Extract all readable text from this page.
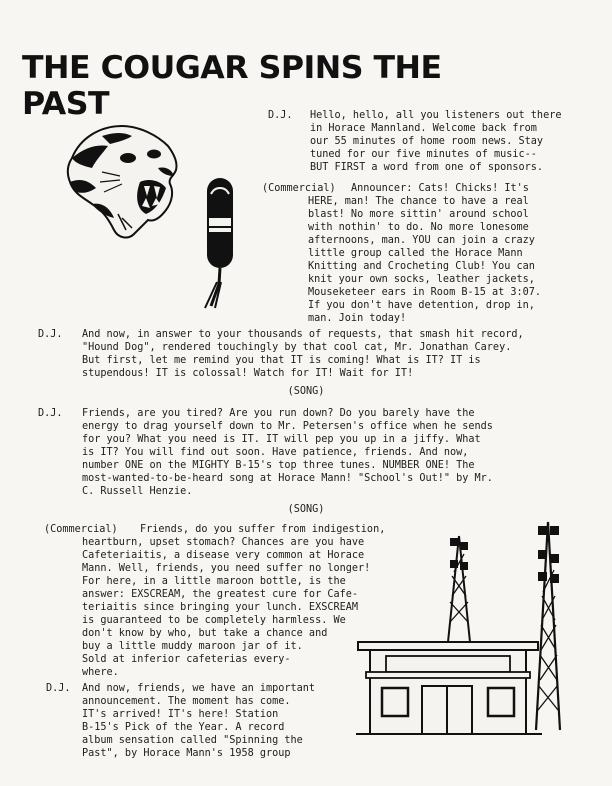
THE COUGAR SPINS THE PAST	D.J. Hello, hello, all you listeners out there
in Horace Mannland. Welcome back from
our 55 minutes of home room news. Stay
tuned for our five minutes of music--
BUT FIRST a word from one of sponsors.
(Commercial) Announcer: Cats! Chicks! It's
HERE, man! The chance to have a real
blast! No more sittin' around school
with nothin' to do. No more lonesome
afternoons, man. YOU can join a crazy
little group called the Horace Mann
Knitting and Crocheting Club! You can
knit your own socks, leather jackets,
Mouseketeer ears in Room B-15 at 3:07.
If you don't have detention, drop in,
man. Join today!
D.J. And now, in answer to your thousands of requests, that smash hit record,
"Hound Dog", rendered touchingly by that cool cat, Mr. Jonathan Carey.
But first, let me remind you that IT is coming! What is IT? IT is
stupendous! IT is colossal! Watch for IT! Wait for IT!
(SONG)
D.J. Friends, are you tired? Are you run down? Do you barely have the
energy to drag yourself down to Mr. Petersen's office when he sends
for you? What you need is IT. IT will pep you up in a jiffy. What
is IT? You will find out soon. Have patience, friends. And now,
number ONE on the MIGHTY B-15's top three tunes. NUMBER ONE! The
most-wanted-to-be-heard song at Horace Mann! "School's Out!" by Mr.
C. Russell Henzie.
(SONG)
(Commercial) Friends, do you suffer from indigestion,
heartburn, upset stomach? Chances are you have
Cafeteriaitis, a disease very common at Horace
Mann. Well, friends, you need suffer no longer!
For here, in a little maroon bottle, is the
answer: EXSCREAM, the greatest cure for Cafe-
teriaitis since bringing your lunch. EXSCREAM
is guaranteed to be completely harmless. We
don't know by who, but take a chance and
buy a little muddy maroon jar of it.
Sold at inferior cafeterias every-
where.
D.J. And now, friends, we have an important
announcement. The moment has come.
IT's arrived! IT's here! Station
B-15's Pick of the Year. A record
album sensation called "Spinning the
Past", by Horace Mann's 1958 group
